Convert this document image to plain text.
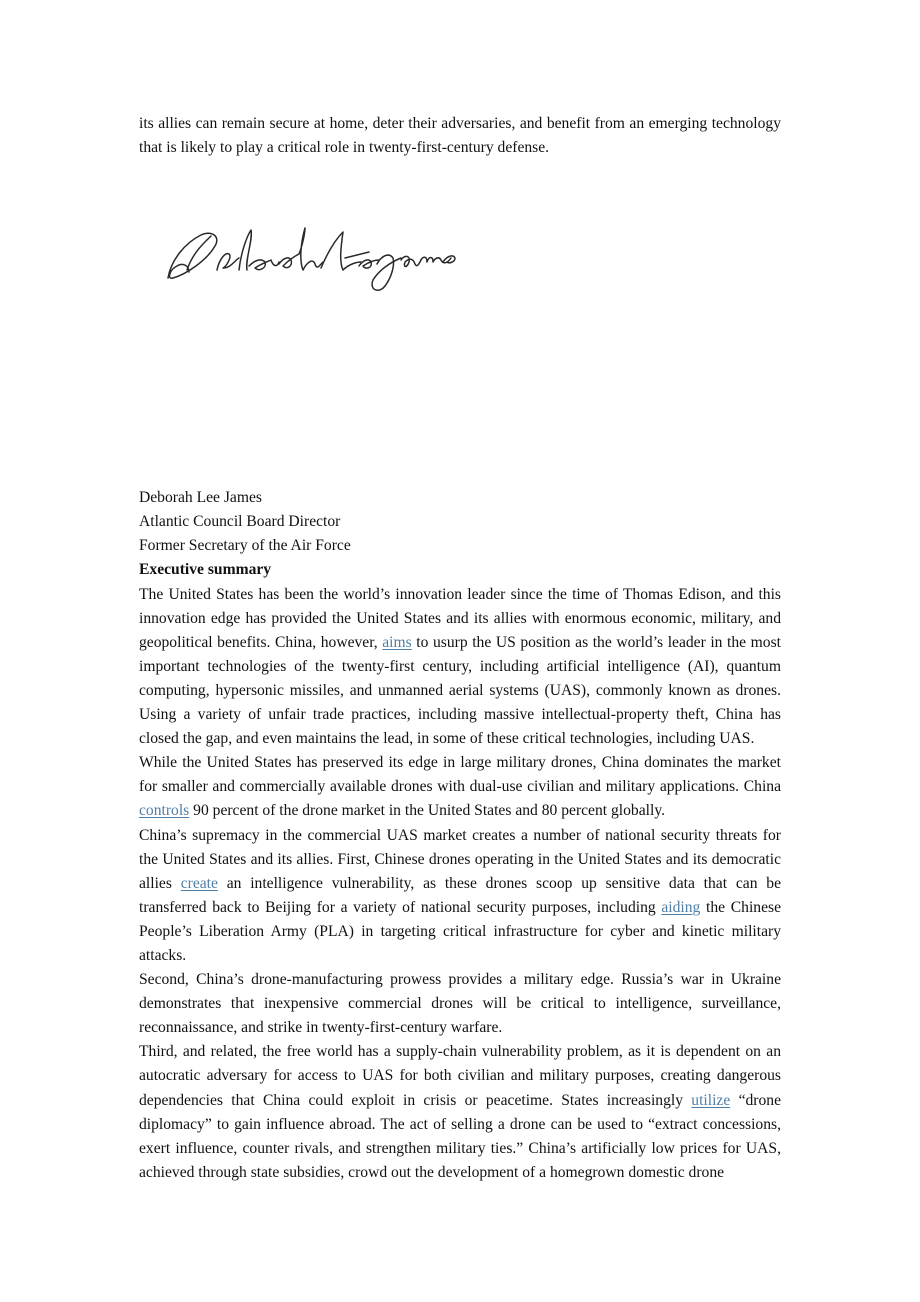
its allies can remain secure at home, deter their adversaries, and benefit from an emerging technology that is likely to play a critical role in twenty-first-century defense.

Deborah Lee James
Atlantic Council Board Director
Former Secretary of the Air Force
Executive summary

The United States has been the world’s innovation leader since the time of Thomas Edison, and this innovation edge has provided the United States and its allies with enormous economic, military, and geopolitical benefits. China, however, aims to usurp the US position as the world’s leader in the most important technologies of the twenty-first century, including artificial intelligence (AI), quantum computing, hypersonic missiles, and unmanned aerial systems (UAS), commonly known as drones. Using a variety of unfair trade practices, including massive intellectual-property theft, China has closed the gap, and even maintains the lead, in some of these critical technologies, including UAS.

While the United States has preserved its edge in large military drones, China dominates the market for smaller and commercially available drones with dual-use civilian and military applications. China controls 90 percent of the drone market in the United States and 80 percent globally.

China’s supremacy in the commercial UAS market creates a number of national security threats for the United States and its allies. First, Chinese drones operating in the United States and its democratic allies create an intelligence vulnerability, as these drones scoop up sensitive data that can be transferred back to Beijing for a variety of national security purposes, including aiding the Chinese People’s Liberation Army (PLA) in targeting critical infrastructure for cyber and kinetic military attacks.

Second, China’s drone-manufacturing prowess provides a military edge. Russia’s war in Ukraine demonstrates that inexpensive commercial drones will be critical to intelligence, surveillance, reconnaissance, and strike in twenty-first-century warfare.

Third, and related, the free world has a supply-chain vulnerability problem, as it is dependent on an autocratic adversary for access to UAS for both civilian and military purposes, creating dangerous dependencies that China could exploit in crisis or peacetime. States increasingly utilize “drone diplomacy” to gain influence abroad. The act of selling a drone can be used to “extract concessions, exert influence, counter rivals, and strengthen military ties.” China’s artificially low prices for UAS, achieved through state subsidies, crowd out the development of a homegrown domestic drone
